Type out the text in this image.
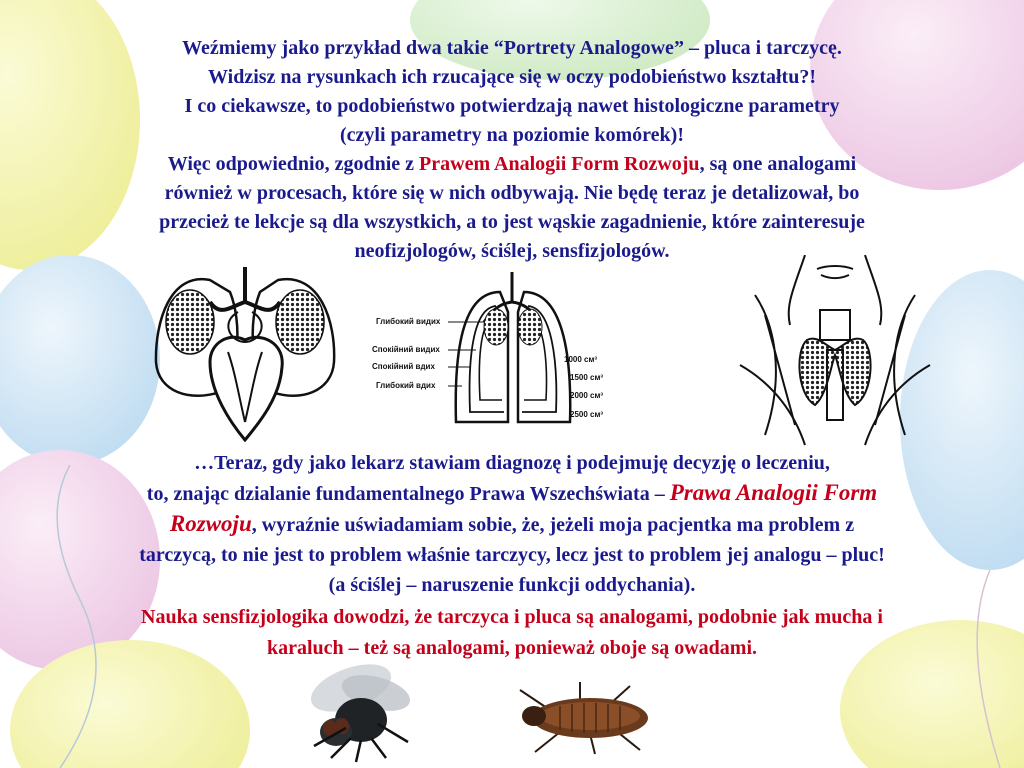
Weźmiemy jako przykład dwa takie “Portrety Analogowe” – pluca i tarczycę.
Widzisz na rysunkach ich rzucające się w oczy podobieństwo kształtu?!
I co ciekawsze, to podobieństwo potwierdzają nawet histologiczne parametry
(czyli parametry na poziomie komórek)!
Więc odpowiednio, zgodnie z Prawem Analogii Form Rozwoju, są one analogami
również w procesach, które się w nich odbywają. Nie będę teraz je detalizował, bo
przecież te lekcje są dla wszystkich, a to jest wąskie zagadnienie, które zainteresuje
neofizjologów, ściślej, sensfizjologów.
Глибокий видих
Спокійний видих
Спокійний вдих
Глибокий вдих
1000 см³
1500 см³
2000 см³
2500 см³
…Teraz, gdy jako lekarz stawiam diagnozę i podejmuję decyzję o leczeniu,
to, znając dzialanie fundamentalnego Prawa Wszechświata – Prawa Analogii Form
Rozwoju, wyraźnie uświadamiam sobie, że, jeżeli moja pacjentka ma problem z
tarczycą, to nie jest to problem właśnie tarczycy, lecz jest to problem jej analogu – pluc!
(a ściślej – naruszenie funkcji oddychania).
Nauka sensfizjologika dowodzi, że tarczyca i pluca są analogami, podobnie jak mucha i
karaluch – też są analogami, ponieważ oboje są owadami.
